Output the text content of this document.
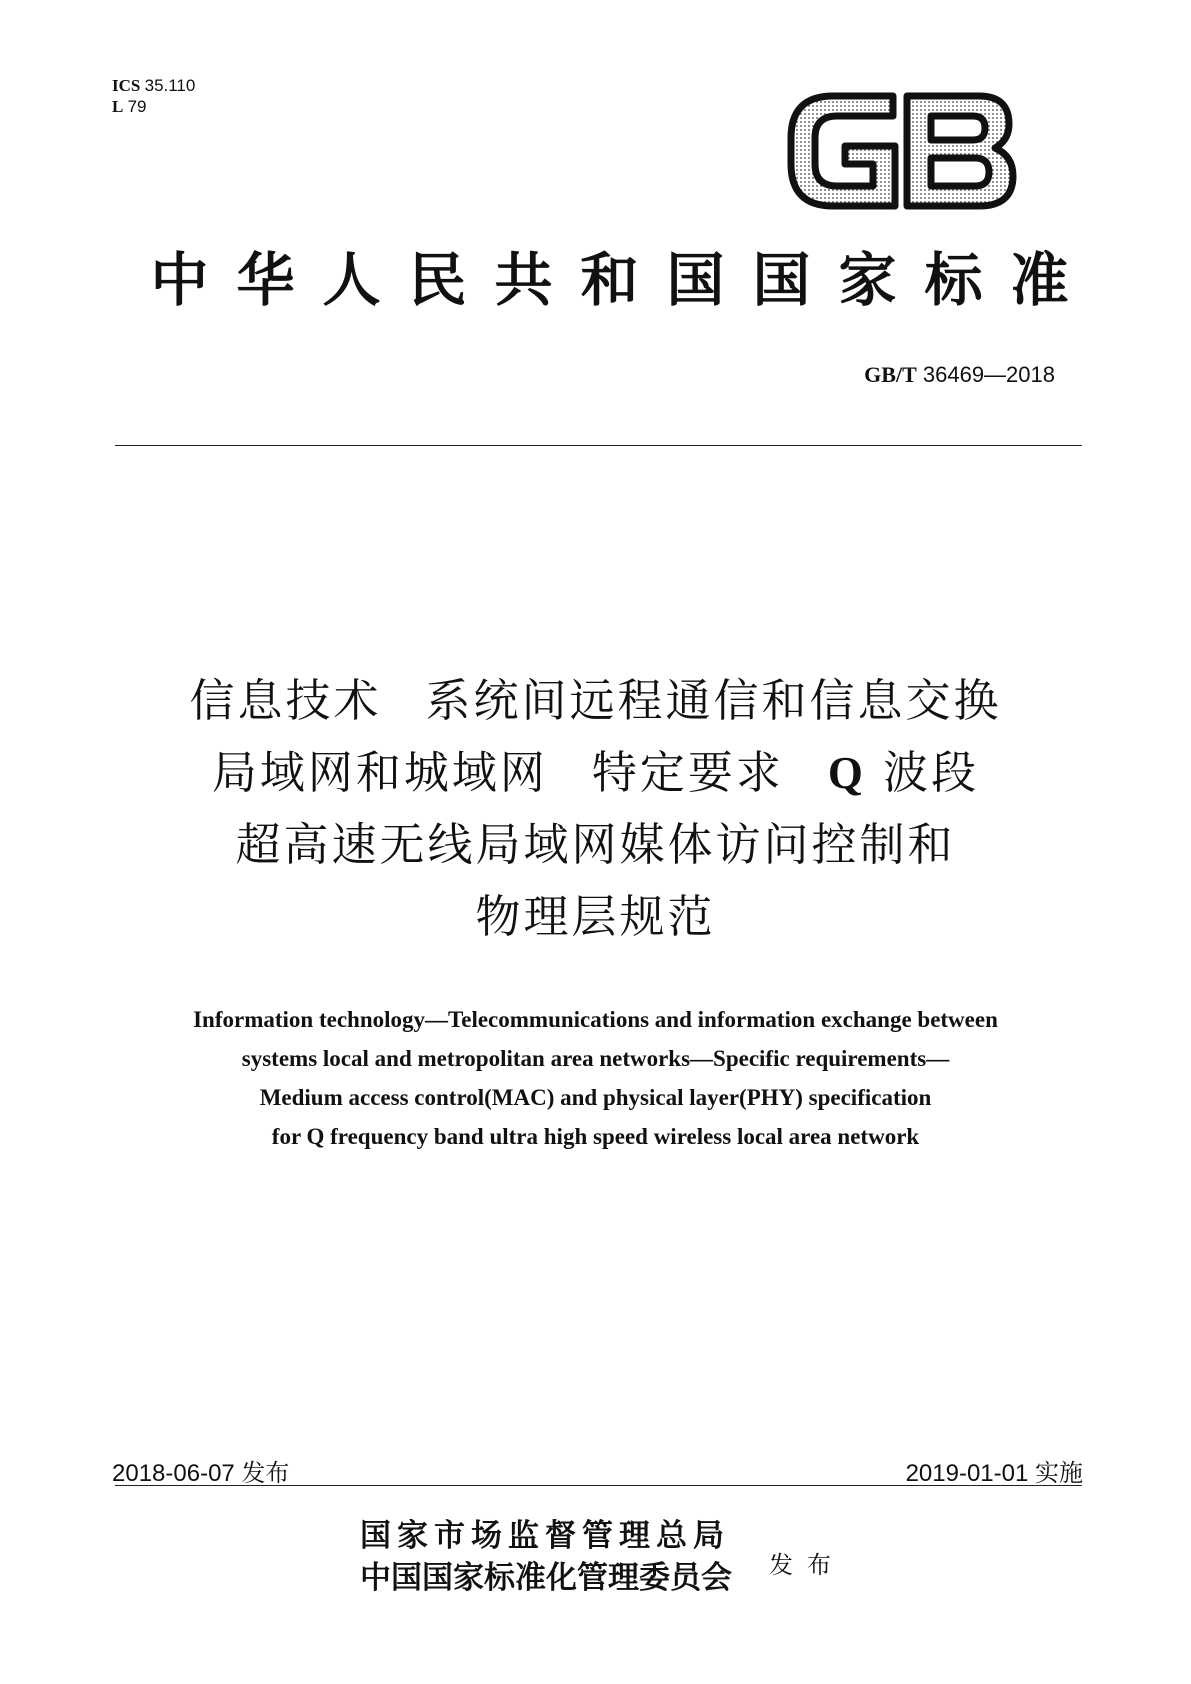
ICS 35.110
L 79
中华人民共和国国家标准
GB/T 36469—2018
信息技术 系统间远程通信和信息交换
局域网和城域网 特定要求 Q 波段
超高速无线局域网媒体访问控制和
物理层规范
Information technology—Telecommunications and information exchange between
systems local and metropolitan area networks—Specific requirements—
Medium access control(MAC) and physical layer(PHY) specification
for Q frequency band ultra high speed wireless local area network
2018-06-07 发布	2019-01-01 实施
国家市场监督管理总局
中国国家标准化管理委员会 发布
